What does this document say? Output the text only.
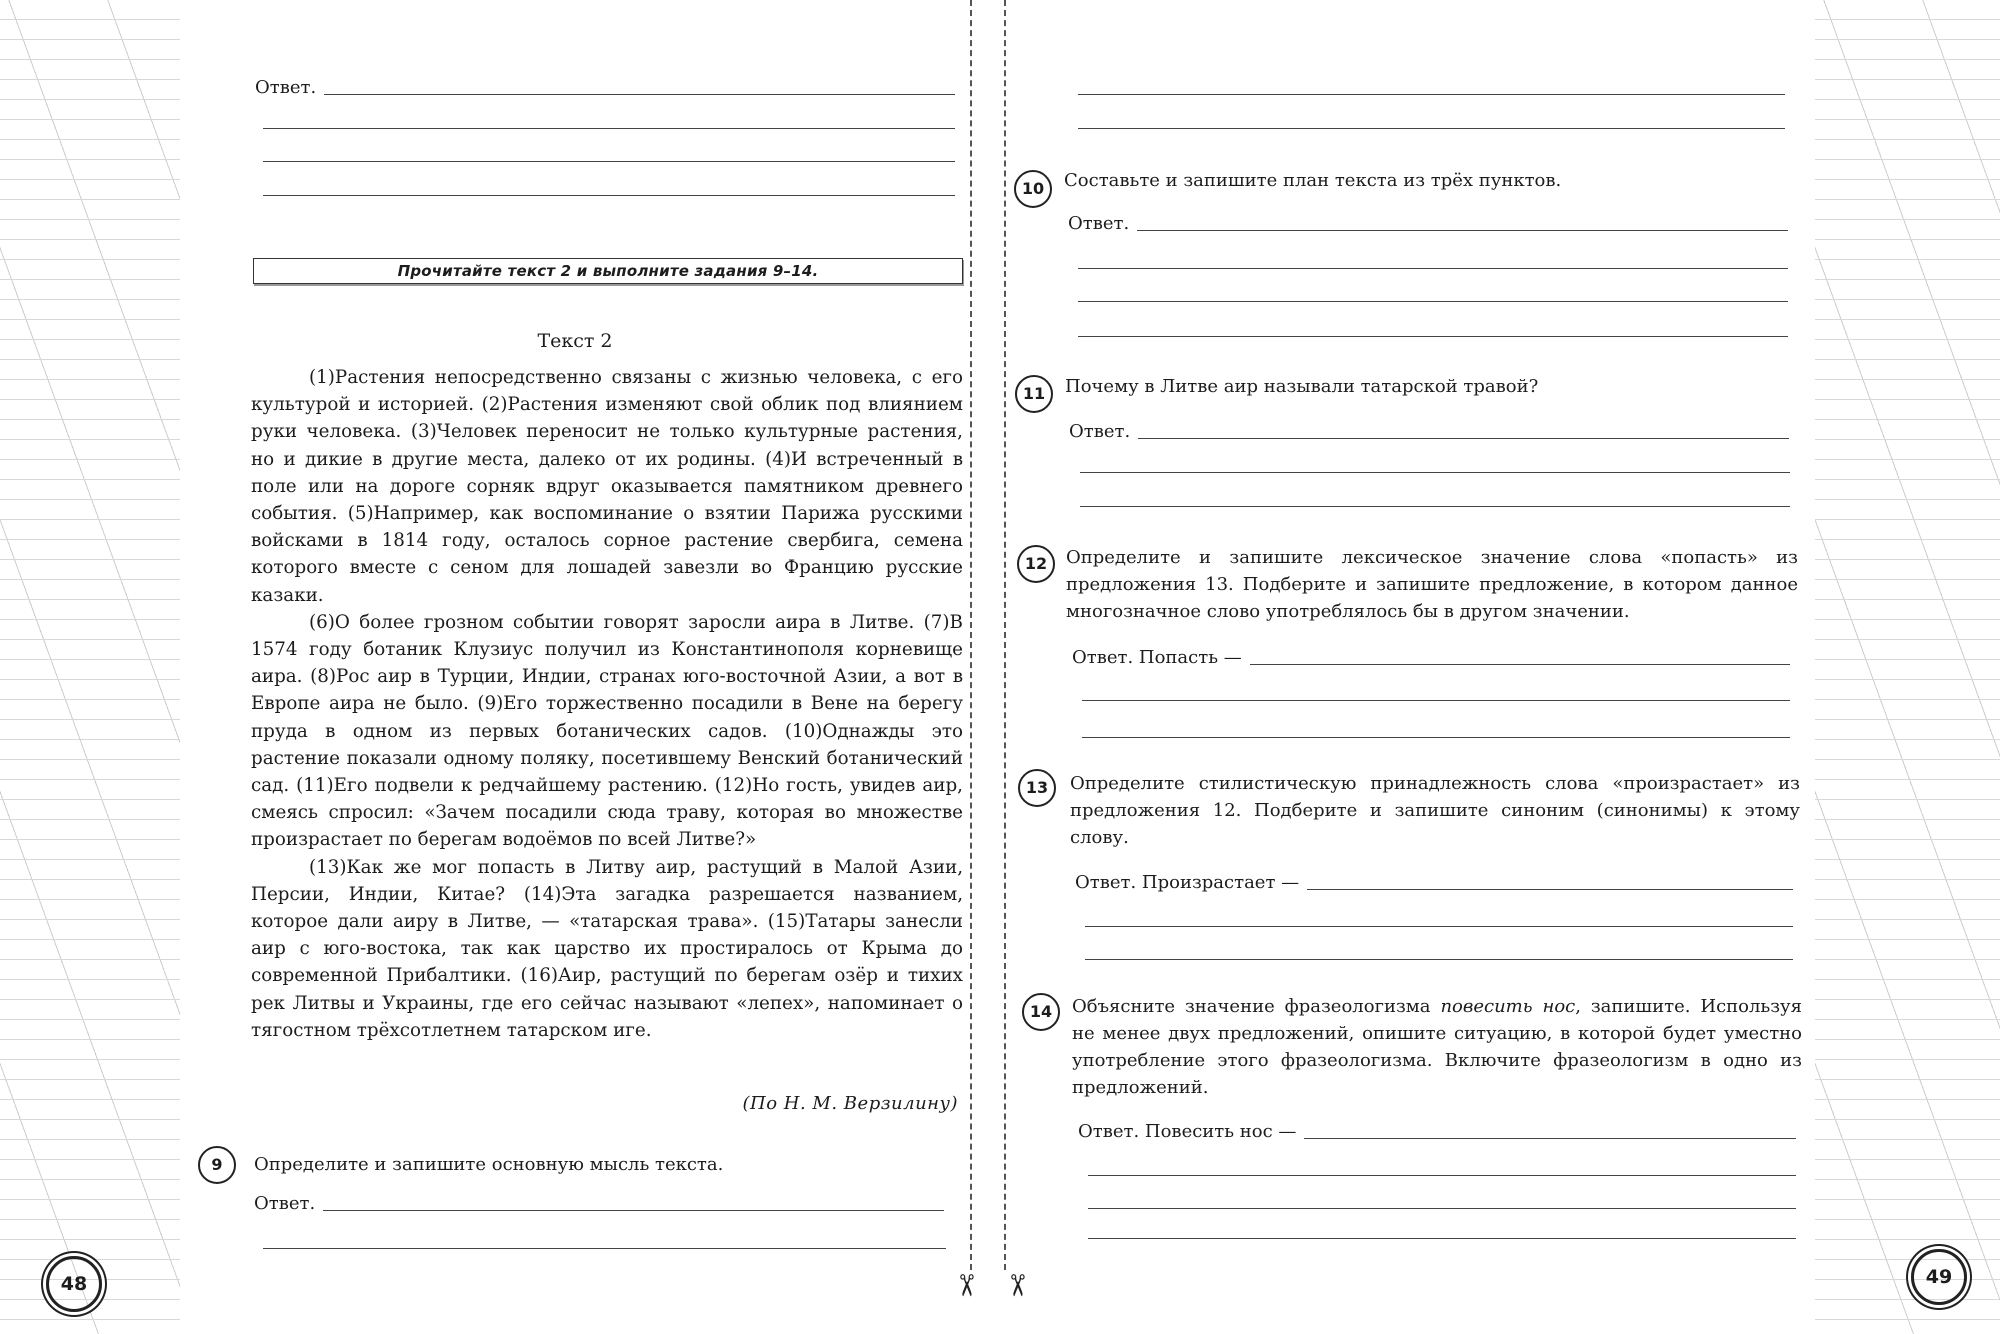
✂ ✂
Ответ.
Прочитайте текст 2 и выполните задания 9–14.
Текст 2

(1)Растения непосредственно связаны с жизнью человека, с его культурой и историей. (2)Растения изменяют свой облик под влиянием руки человека. (3)Человек переносит не только культурные растения, но и дикие в другие места, далеко от их родины. (4)И встреченный в поле или на дороге сорняк вдруг оказывается памятником древнего события. (5)Например, как воспоминание о взятии Парижа русскими войсками в 1814 году, осталось сорное растение свербига, семена которого вместе с сеном для лошадей завезли во Францию русские казаки.

(6)О более грозном событии говорят заросли аира в Литве. (7)В 1574 году ботаник Клузиус получил из Константинополя корневище аира. (8)Рос аир в Турции, Индии, странах юго-восточной Азии, а вот в Европе аира не было. (9)Его торжественно посадили в Вене на берегу пруда в одном из первых ботанических садов. (10)Однажды это растение показали одному поляку, посетившему Венский ботанический сад. (11)Его подвели к редчайшему растению. (12)Но гость, увидев аир, смеясь спросил: «Зачем посадили сюда траву, которая во множестве произрастает по берегам водоёмов по всей Литве?»

(13)Как же мог попасть в Литву аир, растущий в Малой Азии, Персии, Индии, Китае? (14)Эта загадка разрешается названием, которое дали аиру в Литве, — «татарская трава». (15)Татары занесли аир с юго-востока, так как царство их простиралось от Крыма до современной Прибалтики. (16)Аир, растущий по берегам озёр и тихих рек Литвы и Украины, где его сейчас называют «лепех», напоминает о тягостном трёхсотлетнем татарском иге.

(По Н. М. Верзилину)
9	Определите и запишите основную мысль текста.
Ответ.
48
10	Составьте и запишите план текста из трёх пунктов.
Ответ.
11	Почему в Литве аир называли татарской травой?
Ответ.
12	Определите и запишите лексическое значение слова «попасть» из предложения 13. Подберите и запишите предложение, в котором данное многозначное слово употреблялось бы в другом значении.
Ответ. Попасть —
13	Определите стилистическую принадлежность слова «произрастает» из предложения 12. Подберите и запишите синоним (синонимы) к этому слову.
Ответ. Произрастает —
14	Объясните значение фразеологизма повесить нос, запишите. Используя не менее двух предложений, опишите ситуацию, в которой будет уместно употребление этого фразеологизма. Включите фразеологизм в одно из предложений.
Ответ. Повесить нос —
49
